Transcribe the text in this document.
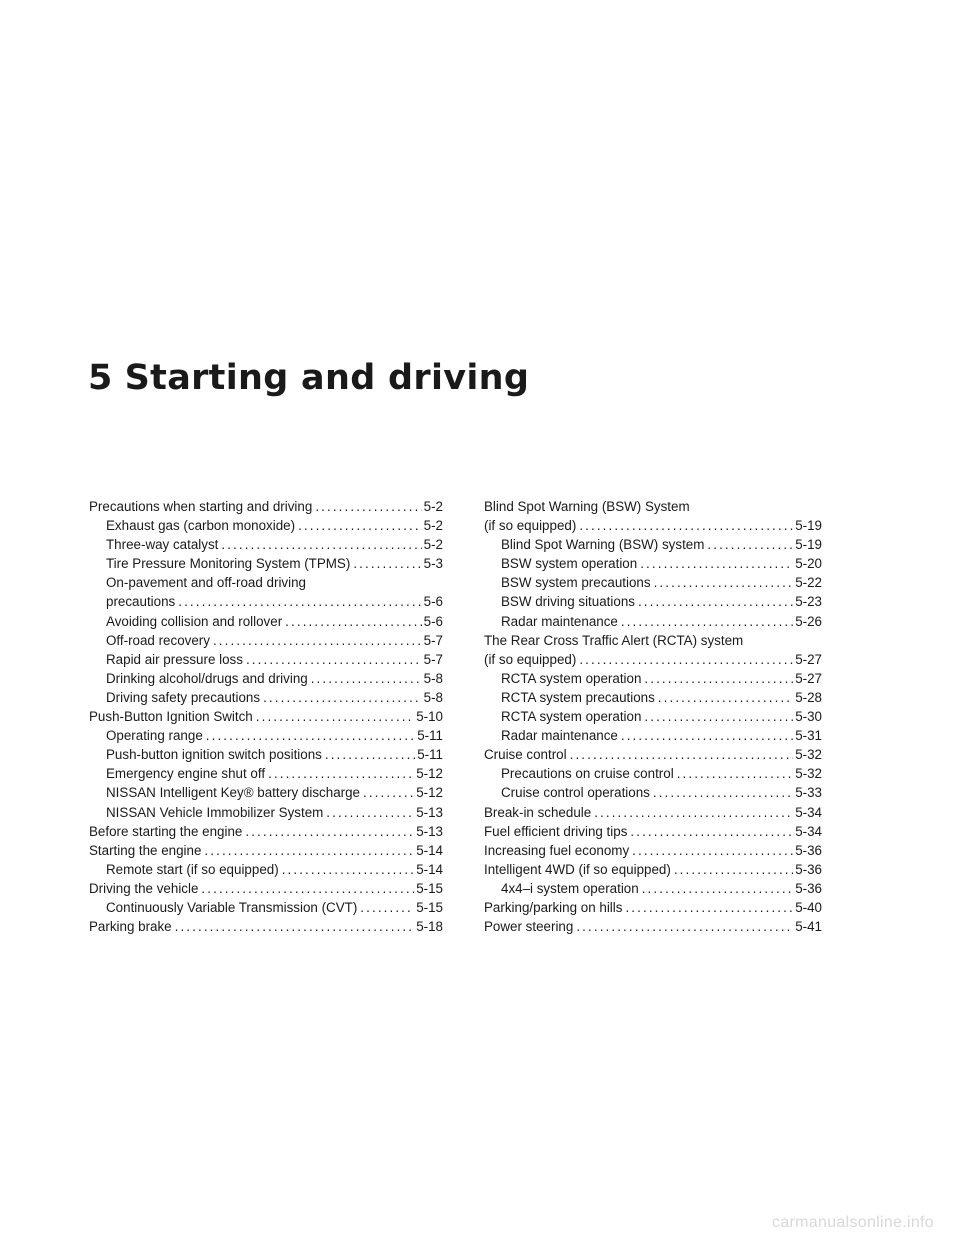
5 Starting and driving
Precautions when starting and driving . . .	5-2
Exhaust gas (carbon monoxide) . . .	5-2
Three-way catalyst . . .	5-2
Tire Pressure Monitoring System (TPMS) . . .	5-3
On-pavement and off-road driving
precautions . . .	5-6
Avoiding collision and rollover . . .	5-6
Off-road recovery . . .	5-7
Rapid air pressure loss . . .	5-7
Drinking alcohol/drugs and driving . . .	5-8
Driving safety precautions . . .	5-8
Push-Button Ignition Switch . . .	5-10
Operating range . . .	5-11
Push-button ignition switch positions . . .	5-11
Emergency engine shut off . . .	5-12
NISSAN Intelligent Key® battery discharge . . .	5-12
NISSAN Vehicle Immobilizer System . . .	5-13
Before starting the engine . . .	5-13
Starting the engine . . .	5-14
Remote start (if so equipped) . . .	5-14
Driving the vehicle . . .	5-15
Continuously Variable Transmission (CVT) . . .	5-15
Parking brake . . .	5-18
Blind Spot Warning (BSW) System
(if so equipped) . . .	5-19
Blind Spot Warning (BSW) system . . .	5-19
BSW system operation . . .	5-20
BSW system precautions . . .	5-22
BSW driving situations . . .	5-23
Radar maintenance . . .	5-26
The Rear Cross Traffic Alert (RCTA) system
(if so equipped) . . .	5-27
RCTA system operation . . .	5-27
RCTA system precautions . . .	5-28
RCTA system operation . . .	5-30
Radar maintenance . . .	5-31
Cruise control . . .	5-32
Precautions on cruise control . . .	5-32
Cruise control operations . . .	5-33
Break-in schedule . . .	5-34
Fuel efficient driving tips . . .	5-34
Increasing fuel economy . . .	5-36
Intelligent 4WD (if so equipped) . . .	5-36
4x4–i system operation . . .	5-36
Parking/parking on hills . . .	5-40
Power steering . . .	5-41
carmanualsonline.info
